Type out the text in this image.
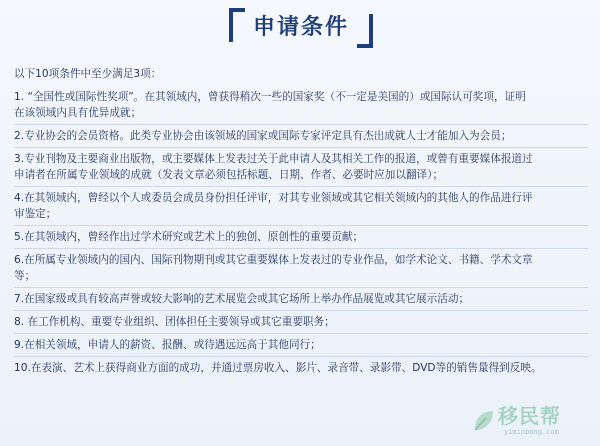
申请条件
以下10项条件中至少满足3项：
1. “全国性或国际性奖项”。在其领域内，曾获得稍次一些的国家奖（不一定是美国的）或国际认可奖项，证明
在该领域内具有优异成就；
2.专业协会的会员资格。此类专业协会由该领域的国家或国际专家评定具有杰出成就人士才能加入为会员；
3.专业刊物及主要商业出版物，或主要媒体上发表过关于此申请人及其相关工作的报道，或曾有重要媒体报道过
申请者在所属专业领域的成就（发表文章必须包括标题、日期、作者、必要时应加以翻译）；
4.在其领域内，曾经以个人或委员会成员身份担任评审，对其专业领域或其它相关领域内的其他人的作品进行评
审鉴定；
5.在其领域内，曾经作出过学术研究或艺术上的独创、原创性的重要贡献；
6.在所属专业领域内的国内、国际刊物期刊或其它重要媒体上发表过的专业作品，如学术论文、书籍、学术文章
等；
7.在国家级或具有较高声誉或较大影响的艺术展览会或其它场所上举办作品展览或其它展示活动；
8. 在工作机构、重要专业组织、团体担任主要领导或其它重要职务；
9.在相关领域，申请人的薪资、报酬、或待遇远远高于其他同行；
10.在表演、艺术上获得商业方面的成功，并通过票房收入、影片、录音带、录影带、DVD等的销售量得到反映。
移民帮
yiminbang.com
